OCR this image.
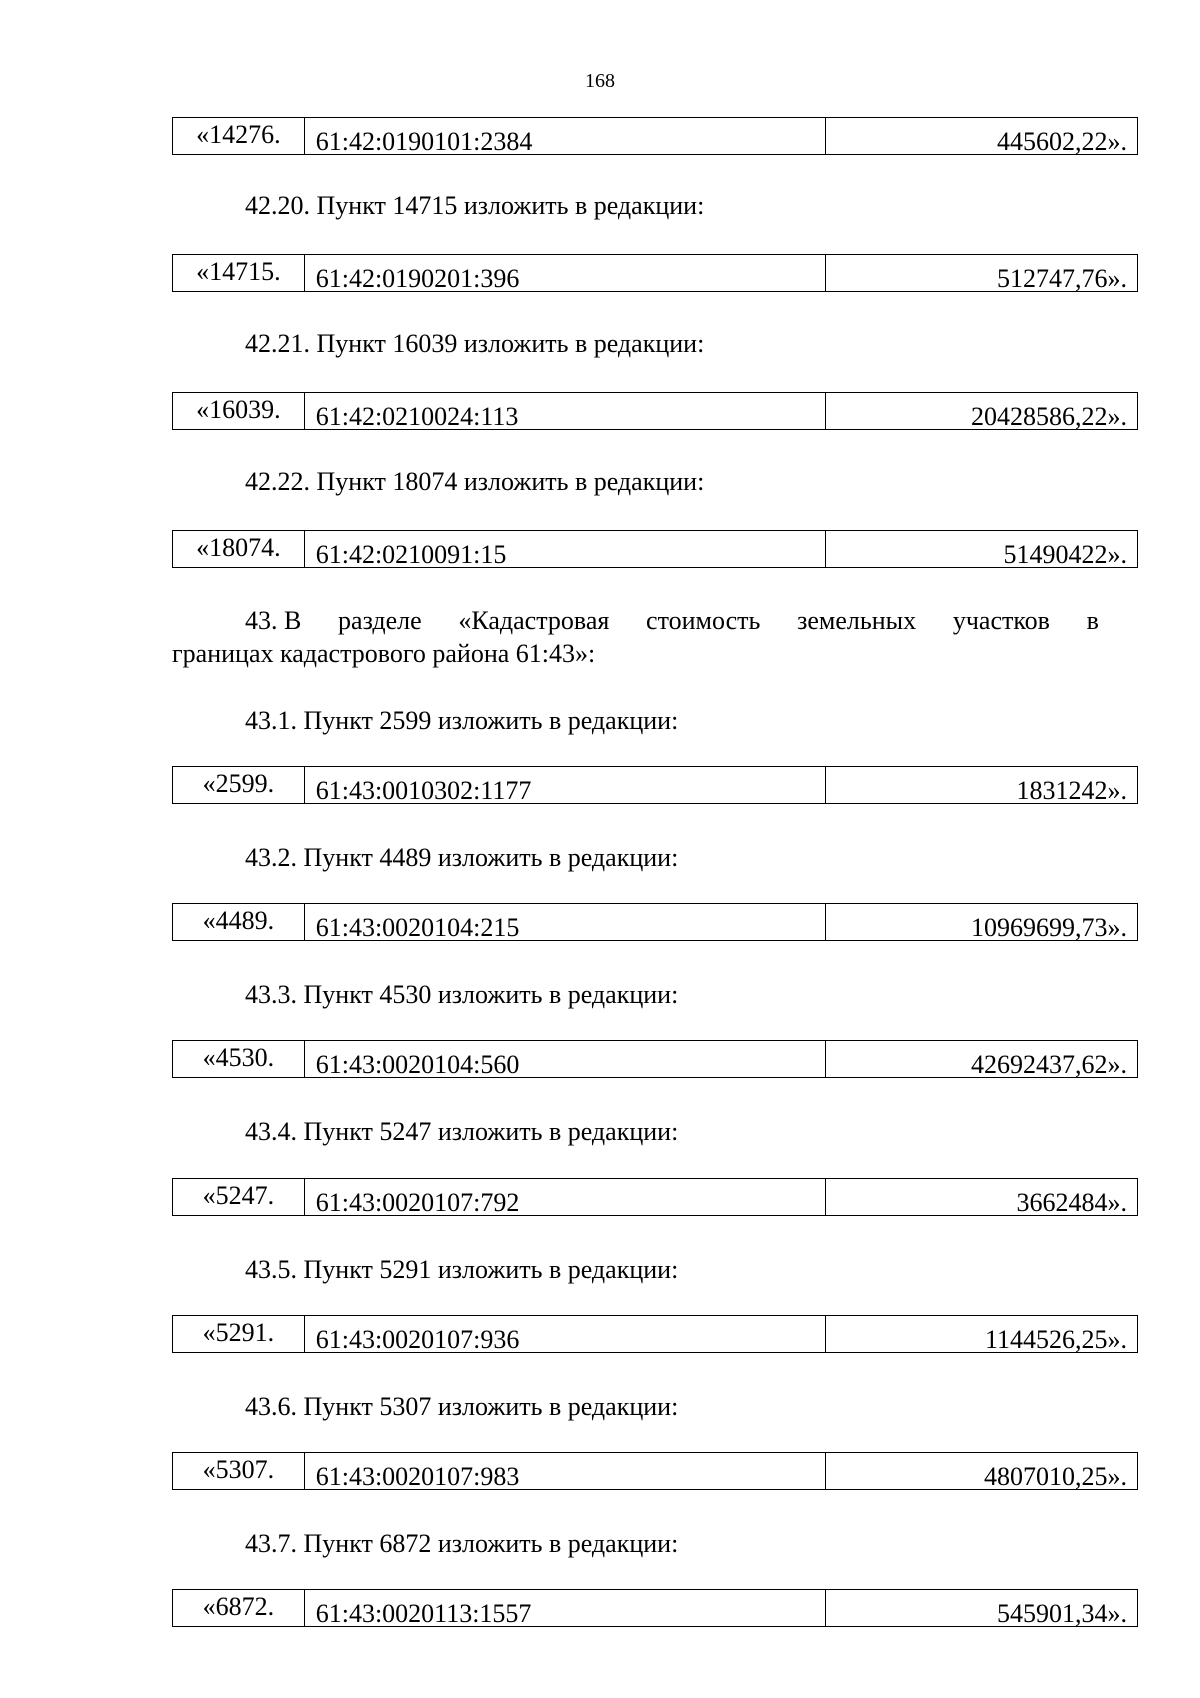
168
«14276.	61:42:0190101:2384	445602,22».
42.20. Пункт 14715 изложить в редакции:
«14715.	61:42:0190201:396	512747,76».
42.21. Пункт 16039 изложить в редакции:
«16039.	61:42:0210024:113	20428586,22».
42.22. Пункт 18074 изложить в редакции:
«18074.	61:42:0210091:15	51490422».
43. В разделе «Кадастровая стоимость земельных участков в
границах кадастрового района 61:43»:
43.1. Пункт 2599 изложить в редакции:
«2599.	61:43:0010302:1177	1831242».
43.2. Пункт 4489 изложить в редакции:
«4489.	61:43:0020104:215	10969699,73».
43.3. Пункт 4530 изложить в редакции:
«4530.	61:43:0020104:560	42692437,62».
43.4. Пункт 5247 изложить в редакции:
«5247.	61:43:0020107:792	3662484».
43.5. Пункт 5291 изложить в редакции:
«5291.	61:43:0020107:936	1144526,25».
43.6. Пункт 5307 изложить в редакции:
«5307.	61:43:0020107:983	4807010,25».
43.7. Пункт 6872 изложить в редакции:
«6872.	61:43:0020113:1557	545901,34».
